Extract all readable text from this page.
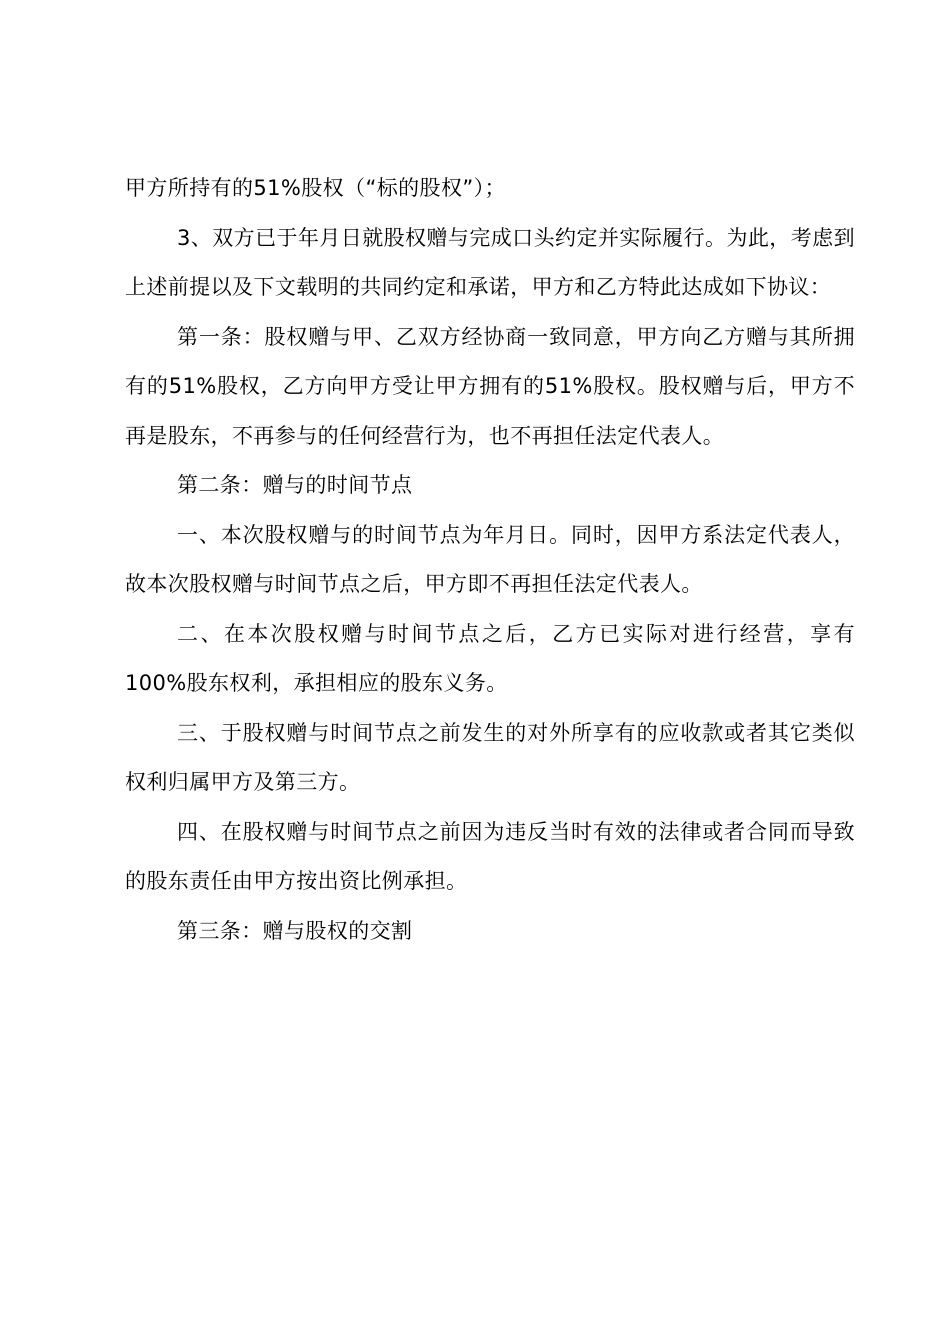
甲方所持有的51%股权（“标的股权”）；

3、双方已于年月日就股权赠与完成口头约定并实际履行。为此，考虑到上述前提以及下文载明的共同约定和承诺，甲方和乙方特此达成如下协议：

第一条：股权赠与甲、乙双方经协商一致同意，甲方向乙方赠与其所拥有的51%股权，乙方向甲方受让甲方拥有的51%股权。股权赠与后，甲方不再是股东，不再参与的任何经营行为，也不再担任法定代表人。

第二条：赠与的时间节点

一、本次股权赠与的时间节点为年月日。同时，因甲方系法定代表人，故本次股权赠与时间节点之后，甲方即不再担任法定代表人。

二、在本次股权赠与时间节点之后，乙方已实际对进行经营，享有100%股东权利，承担相应的股东义务。

三、于股权赠与时间节点之前发生的对外所享有的应收款或者其它类似权利归属甲方及第三方。

四、在股权赠与时间节点之前因为违反当时有效的法律或者合同而导致的股东责任由甲方按出资比例承担。

第三条：赠与股权的交割
